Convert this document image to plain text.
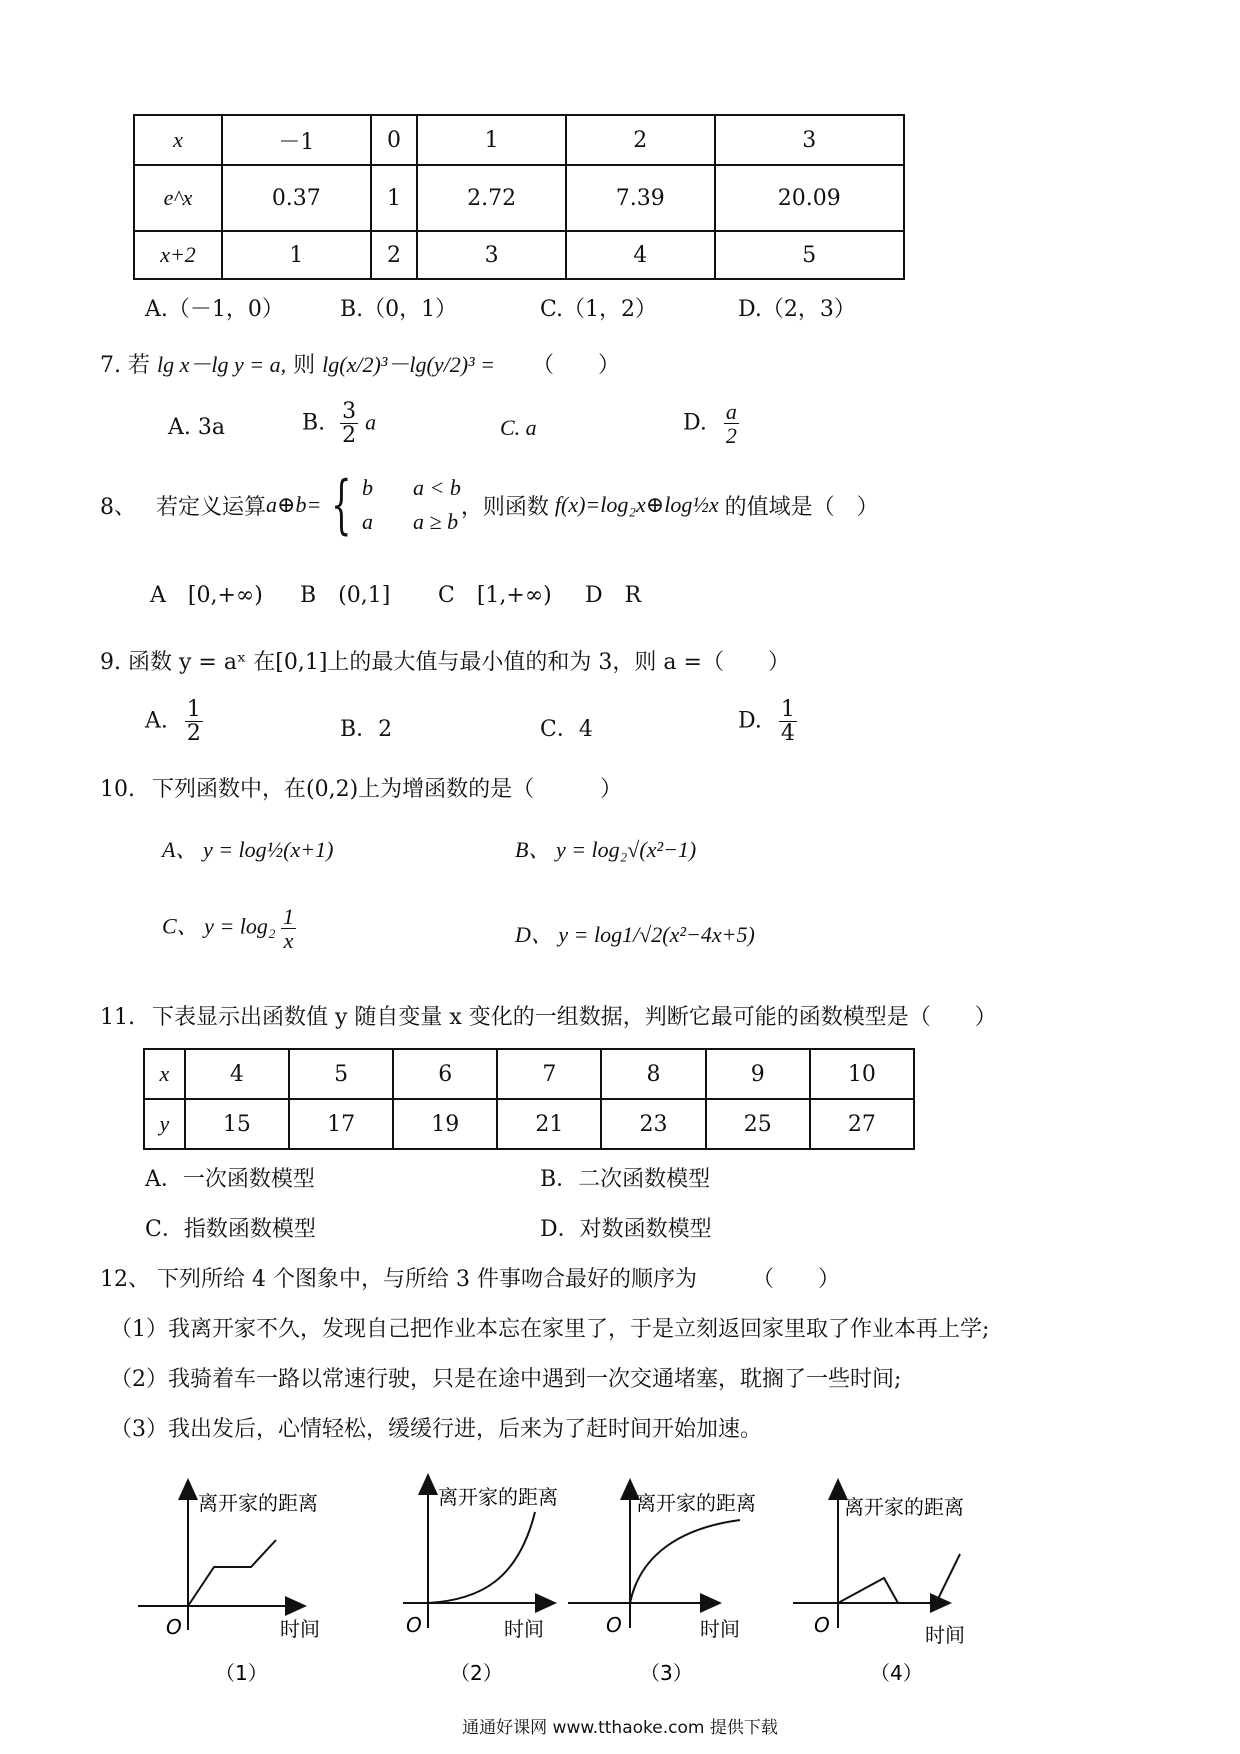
x	－1	0	1	2	3
e^x	0.37	1	2.72	7.39	20.09
x+2	1	2	3	4	5
A.（－1，0）	B.（0，1）	C.（1，2）	D.（2，3）
7. 若 lg x－lg y = a, 则 lg(x/2)³－lg(y/2)³ = （　　）
A. 3a	B. $\frac{3}{2}$ a	C. a	D. $\frac{a}{2}$
8、 若定义运算 a⊕b= { b a < b
a a ≥ b
，则函数 f(x)=log₂x⊕log½x 的值域是（　）
A　[0,+∞) B　(0,1] C　[1,+∞) D　R
9. 函数 y = aˣ 在[0,1]上的最大值与最小值的和为 3，则 a =（　　）
A. $\frac{1}{2}$	B．2	C．4	D. $\frac{1}{4}$
10. 下列函数中，在(0,2)上为增函数的是（　　　）
A、 y = log½(x+1)	B、 y = log₂√(x²−1)
C、 $y = \log_2 \frac{1}{x}$	D、 y = log1/√2(x²−4x+5)
11. 下表显示出函数值 y 随自变量 x 变化的一组数据，判断它最可能的函数模型是（　　）
x	4	5	6	7	8	9	10
y	15	17	19	21	23	25	27
A．一次函数模型	B．二次函数模型
C．指数函数模型	D．对数函数模型
12、 下列所给 4 个图象中，与所给 3 件事吻合最好的顺序为　　　（　　）
（1）我离开家不久，发现自己把作业本忘在家里了，于是立刻返回家里取了作业本再上学;
（2）我骑着车一路以常速行驶，只是在途中遇到一次交通堵塞，耽搁了一些时间;
（3）我出发后，心情轻松，缓缓行进，后来为了赶时间开始加速。
离开家的距离
时间
O
（1）
离开家的距离
时间
O
（2）
离开家的距离
时间
O
（3）
离开家的距离
时间
O
（4）
通通好课网 www.tthaoke.com 提供下载
